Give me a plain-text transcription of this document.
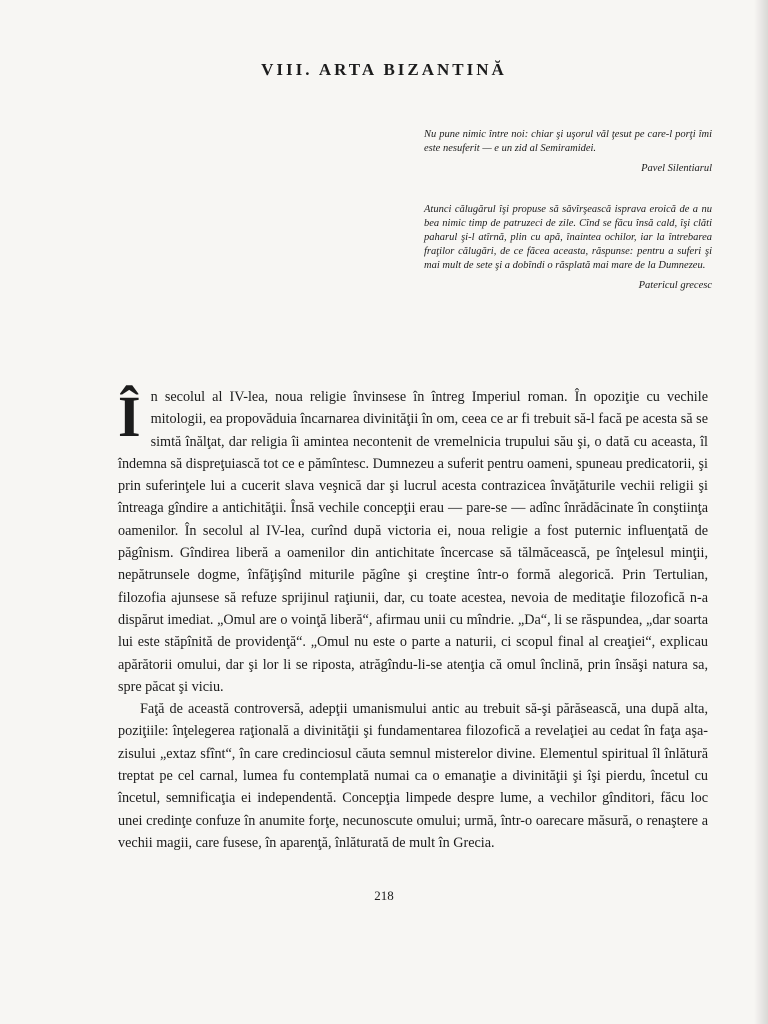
VIII. ARTA BIZANTINĂ

Nu pune nimic între noi: chiar şi uşorul văl ţesut pe care-l porţi îmi este nesuferit — e un zid al Semiramidei.

Pavel Silentiarul

Atunci călugărul îşi propuse să săvîrşească isprava eroică de a nu bea nimic timp de patruzeci de zile. Cînd se făcu însă cald, îşi clăti paharul şi-l atîrnă, plin cu apă, înaintea ochilor, iar la întrebarea fraţilor călugări, de ce făcea aceasta, răspunse: pentru a suferi şi mai mult de sete şi a dobîndi o răsplată mai mare de la Dumnezeu.

Patericul grecesc

În secolul al IV-lea, noua religie învinsese în întreg Imperiul roman. În opoziţie cu vechile mitologii, ea propovăduia încarnarea divinităţii în om, ceea ce ar fi trebuit să-l facă pe acesta să se simtă înălţat, dar religia îi amintea necontenit de vremelnicia trupului său şi, o dată cu aceasta, îl îndemna să dispreţuiască tot ce e pămîntesc. Dumnezeu a suferit pentru oameni, spuneau predicatorii, şi prin suferinţele lui a cucerit slava veşnică dar şi lucrul acesta contrazicea învăţăturile vechii religii şi întreaga gîndire a antichităţii. Însă vechile concepţii erau — pare-se — adînc înrădăcinate în conştiinţa oamenilor. În secolul al IV-lea, curînd după victoria ei, noua religie a fost puternic influenţată de păgînism. Gîndirea liberă a oamenilor din antichitate încercase să tălmăcească, pe înţelesul minţii, nepătrunsele dogme, înfăţişînd miturile păgîne şi creştine într-o formă alegorică. Prin Tertulian, filozofia ajunsese să refuze sprijinul raţiunii, dar, cu toate acestea, nevoia de meditaţie filozofică n-a dispărut imediat. „Omul are o voinţă liberă“, afirmau unii cu mîndrie. „Da“, li se răspundea, „dar soarta lui este stăpînită de providenţă“. „Omul nu este o parte a naturii, ci scopul final al creaţiei“, explicau apărătorii omului, dar şi lor li se riposta, atrăgîndu-li-se atenţia că omul înclină, prin însăşi natura sa, spre păcat şi viciu.

Faţă de această controversă, adepţii umanismului antic au trebuit să-şi părăsească, una după alta, poziţiile: înţelegerea raţională a divinităţii şi fundamentarea filozofică a revelaţiei au cedat în faţa aşa-zisului „extaz sfînt“, în care credinciosul căuta semnul misterelor divine. Elementul spiritual îl înlătură treptat pe cel carnal, lumea fu contemplată numai ca o emanaţie a divinităţii şi îşi pierdu, încetul cu încetul, semnificaţia ei independentă. Concepţia limpede despre lume, a vechilor gînditori, făcu loc unei credinţe confuze în anumite forţe, necunoscute omului; urmă, într-o oarecare măsură, o renaştere a vechii magii, care fusese, în aparenţă, înlăturată de mult în Grecia.

218
